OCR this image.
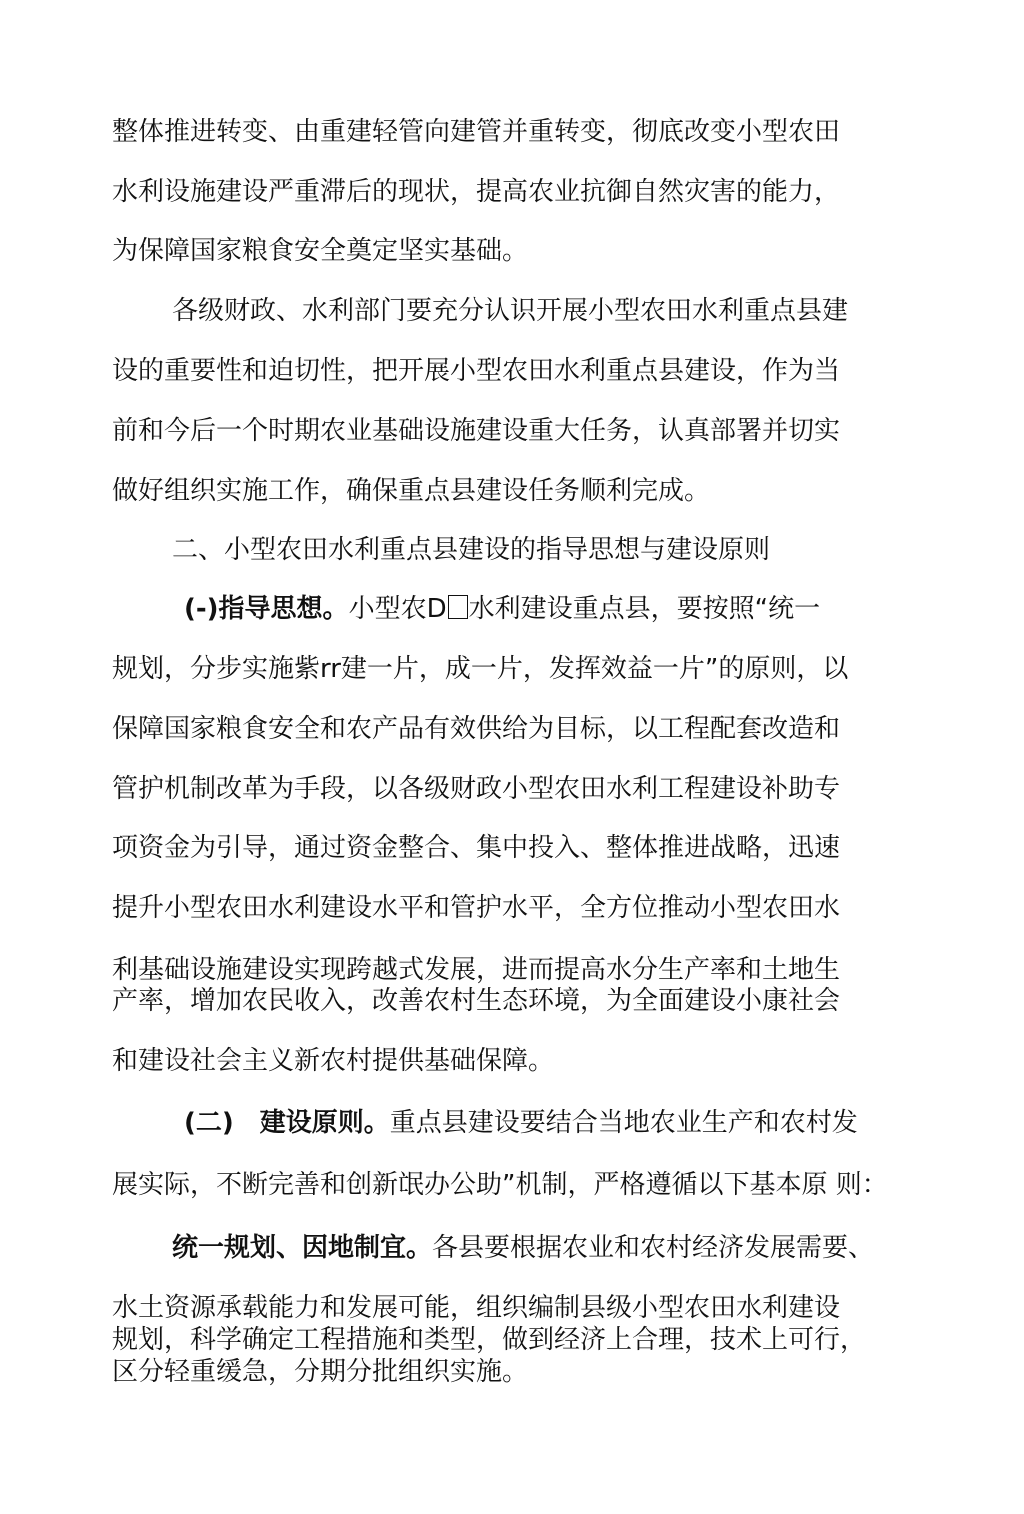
整体推进转变、由重建轻管向建管并重转变，彻底改变小型农田
水利设施建设严重滞后的现状，提高农业抗御自然灾害的能力，
为保障国家粮食安全奠定坚实基础。
各级财政、水利部门要充分认识开展小型农田水利重点县建
设的重要性和迫切性，把开展小型农田水利重点县建设，作为当
前和今后一个时期农业基础设施建设重大任务，认真部署并切实
做好组织实施工作，确保重点县建设任务顺利完成。
二、小型农田水利重点县建设的指导思想与建设原则
(-)指导思想。小型农D 水利建设重点县，要按照“统一
规划，分步实施紫rr建一片，成一片，发挥效益一片”的原则，以
保障国家粮食安全和农产品有效供给为目标，以工程配套改造和
管护机制改革为手段，以各级财政小型农田水利工程建设补助专
项资金为引导，通过资金整合、集中投入、整体推进战略，迅速
提升小型农田水利建设水平和管护水平，全方位推动小型农田水
利基础设施建设实现跨越式发展，进而提高水分生产率和土地生
产率，增加农民收入，改善农村生态环境，为全面建设小康社会
和建设社会主义新农村提供基础保障。
(二)　建设原则。重点县建设要结合当地农业生产和农村发
展实际，不断完善和创新氓办公助”机制，严格遵循以下基本原 则：
统一规划、因地制宜。各县要根据农业和农村经济发展需要、
水土资源承载能力和发展可能，组织编制县级小型农田水利建设
规划，科学确定工程措施和类型，做到经济上合理，技术上可行，
区分轻重缓急，分期分批组织实施。
